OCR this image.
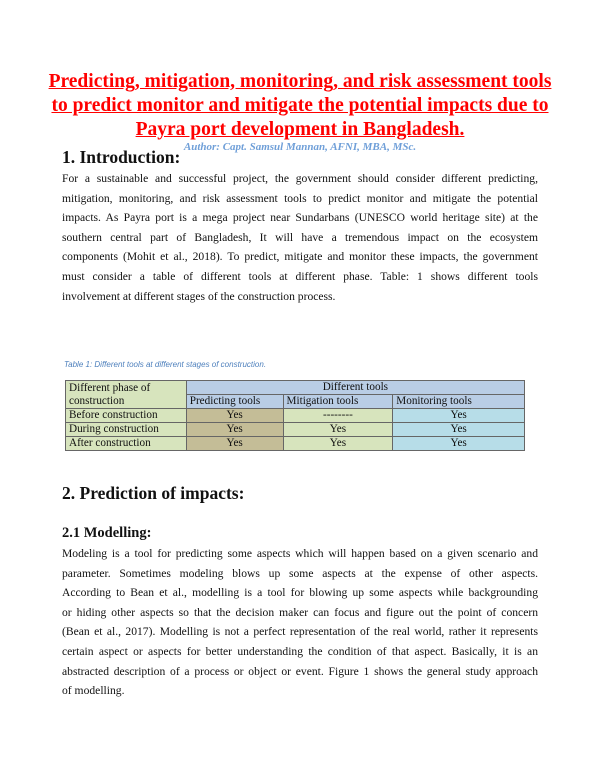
Predicting, mitigation, monitoring, and risk assessment tools
to predict monitor and mitigate the potential impacts due to
Payra port development in Bangladesh.
Author: Capt. Samsul Mannan, AFNI, MBA, MSc.
1. Introduction:
For a sustainable and successful project, the government should consider different predicting,
mitigation, monitoring, and risk assessment tools to predict monitor and mitigate the potential
impacts. As Payra port is a mega project near Sundarbans (UNESCO world heritage site) at the
southern central part of Bangladesh, It will have a tremendous impact on the ecosystem
components (Mohit et al., 2018). To predict, mitigate and monitor these impacts, the government
must consider a table of different tools at different phase. Table: 1 shows different tools
involvement at different stages of the construction process.
Table 1: Different tools at different stages of construction.
Different phase of
construction	Different tools		
	Predicting tools	Mitigation tools	Monitoring tools
Before construction	Yes	--------	Yes
During construction	Yes	Yes	Yes
After construction	Yes	Yes	Yes
2. Prediction of impacts:
2.1 Modelling:
Modeling is a tool for predicting some aspects which will happen based on a given scenario and
parameter. Sometimes modeling blows up some aspects at the expense of other aspects.
According to Bean et al., modelling is a tool for blowing up some aspects while backgrounding
or hiding other aspects so that the decision maker can focus and figure out the point of concern
(Bean et al., 2017). Modelling is not a perfect representation of the real world, rather it represents
certain aspect or aspects for better understanding the condition of that aspect. Basically, it is an
abstracted description of a process or object or event. Figure 1 shows the general study approach
of modelling.
